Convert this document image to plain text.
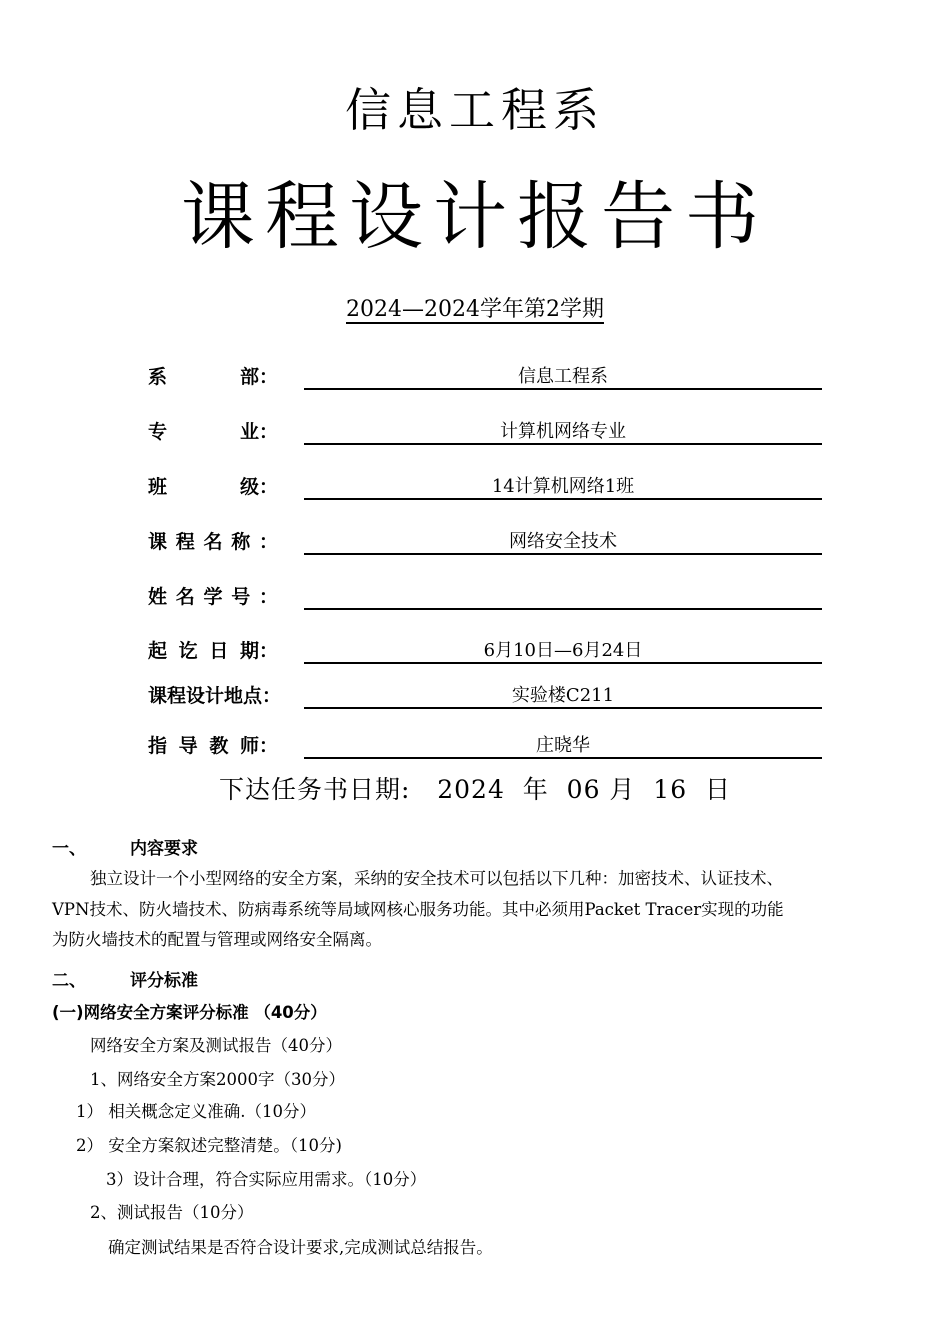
信息工程系
课程设计报告书
2024—2024学年第2学期
系	部：	信息工程系
专	业：	计算机网络专业
班	级：	14计算机网络1班
课 程 名 称 ：	网络安全技术
姓 名 学 号 ：
起 讫 日 期：	6月10日—6月24日
课程设计地点：	实验楼C211
指 导 教 师：	庄晓华
下达任务书日期:   2024  年  06 月  16  日
一、	内容要求
独立设计一个小型网络的安全方案，采纳的安全技术可以包括以下几种：加密技术、认证技术、
VPN技术、防火墙技术、防病毒系统等局域网核心服务功能。其中必须用Packet Tracer实现的功能
为防火墙技术的配置与管理或网络安全隔离。
二、	评分标准
(一)网络安全方案评分标准 （40分）
网络安全方案及测试报告（40分）
1、网络安全方案2000字（30分）
1） 相关概念定义准确.（10分）
2） 安全方案叙述完整清楚。（10分)
3）设计合理，符合实际应用需求。（10分）
2、测试报告（10分）
确定测试结果是否符合设计要求,完成测试总结报告。
